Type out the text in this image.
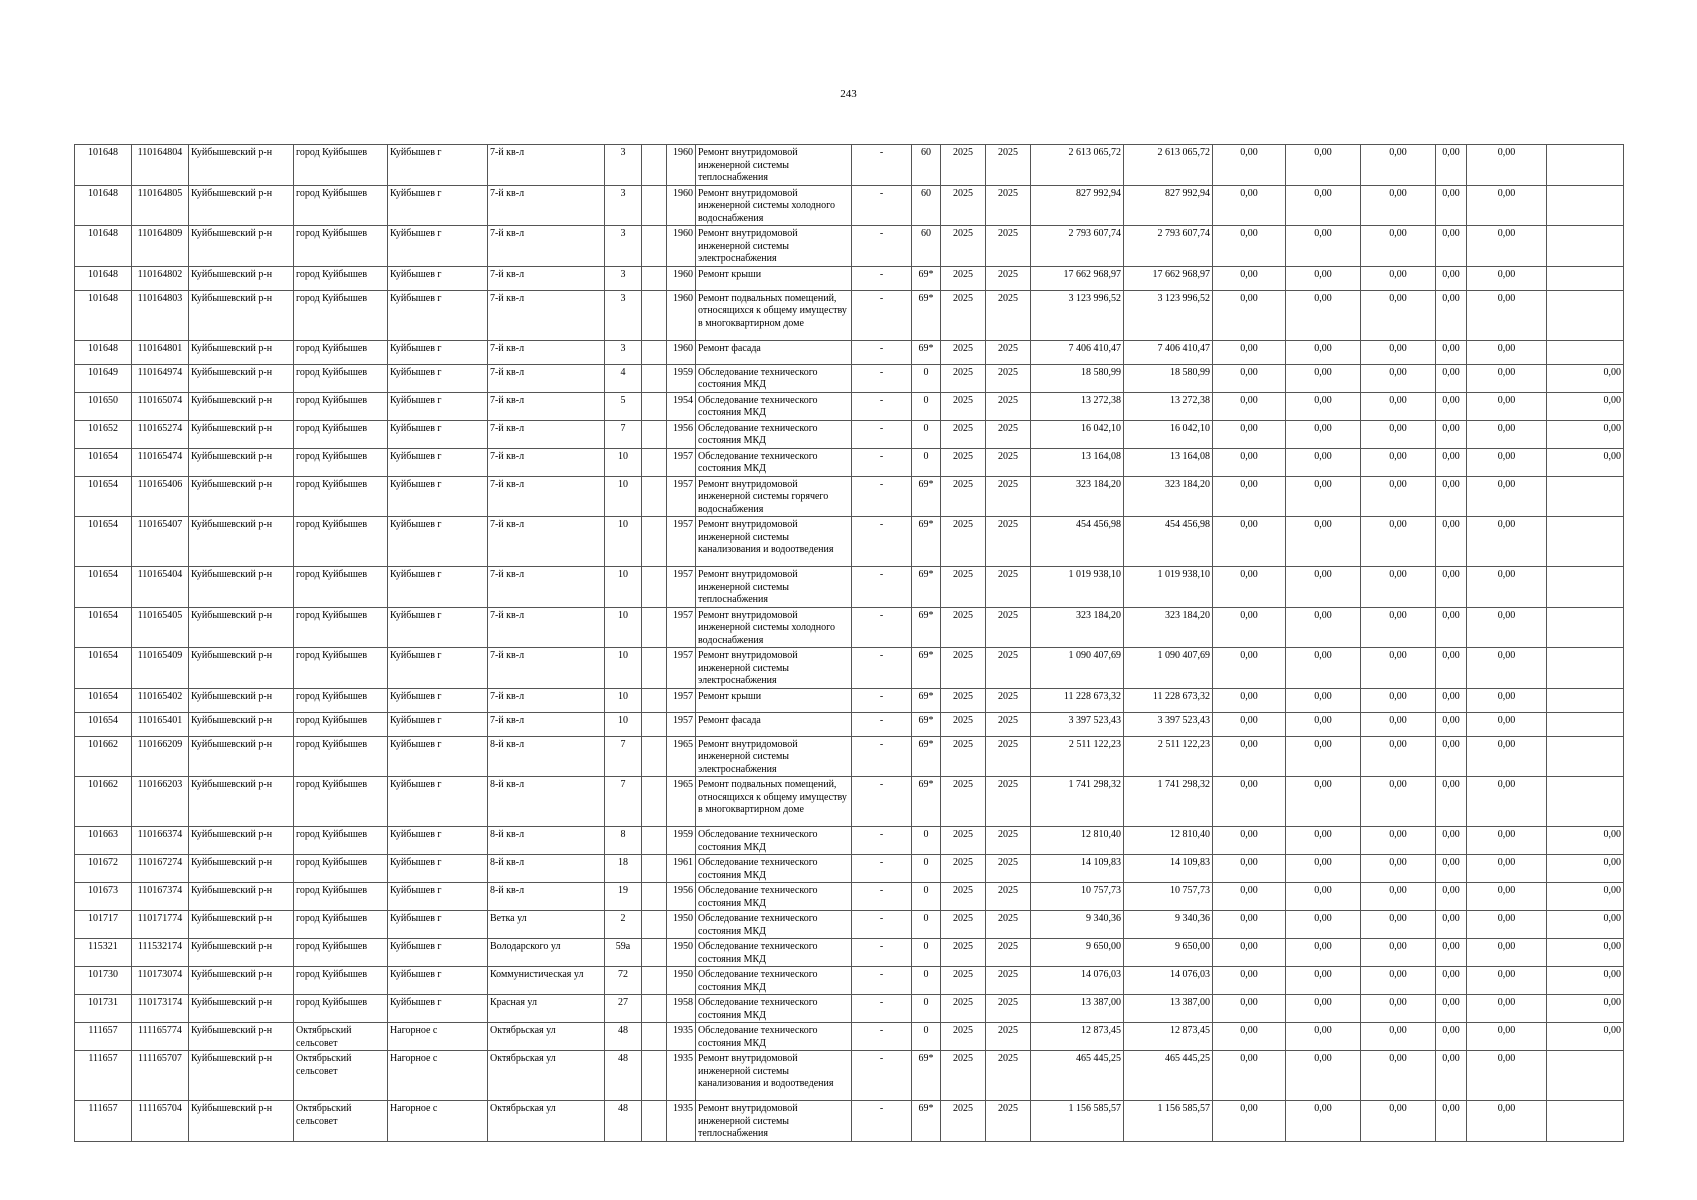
243
101648	110164804	Куйбышевский р-н	город Куйбышев	Куйбышев г	7-й кв-л	3		1960	Ремонт внутридомовой инженерной системы теплоснабжения	-	60	2025	2025	2 613 065,72	2 613 065,72	0,00	0,00	0,00	0,00	0,00	
101648	110164805	Куйбышевский р-н	город Куйбышев	Куйбышев г	7-й кв-л	3		1960	Ремонт внутридомовой инженерной системы холодного водоснабжения	-	60	2025	2025	827 992,94	827 992,94	0,00	0,00	0,00	0,00	0,00	
101648	110164809	Куйбышевский р-н	город Куйбышев	Куйбышев г	7-й кв-л	3		1960	Ремонт внутридомовой инженерной системы электроснабжения	-	60	2025	2025	2 793 607,74	2 793 607,74	0,00	0,00	0,00	0,00	0,00	
101648	110164802	Куйбышевский р-н	город Куйбышев	Куйбышев г	7-й кв-л	3		1960	Ремонт крыши	-	69*	2025	2025	17 662 968,97	17 662 968,97	0,00	0,00	0,00	0,00	0,00	
101648	110164803	Куйбышевский р-н	город Куйбышев	Куйбышев г	7-й кв-л	3		1960	Ремонт подвальных помещений, относящихся к общему имуществу в многоквартирном доме	-	69*	2025	2025	3 123 996,52	3 123 996,52	0,00	0,00	0,00	0,00	0,00	
101648	110164801	Куйбышевский р-н	город Куйбышев	Куйбышев г	7-й кв-л	3		1960	Ремонт фасада	-	69*	2025	2025	7 406 410,47	7 406 410,47	0,00	0,00	0,00	0,00	0,00	
101649	110164974	Куйбышевский р-н	город Куйбышев	Куйбышев г	7-й кв-л	4		1959	Обследование технического состояния МКД	-	0	2025	2025	18 580,99	18 580,99	0,00	0,00	0,00	0,00	0,00	0,00
101650	110165074	Куйбышевский р-н	город Куйбышев	Куйбышев г	7-й кв-л	5		1954	Обследование технического состояния МКД	-	0	2025	2025	13 272,38	13 272,38	0,00	0,00	0,00	0,00	0,00	0,00
101652	110165274	Куйбышевский р-н	город Куйбышев	Куйбышев г	7-й кв-л	7		1956	Обследование технического состояния МКД	-	0	2025	2025	16 042,10	16 042,10	0,00	0,00	0,00	0,00	0,00	0,00
101654	110165474	Куйбышевский р-н	город Куйбышев	Куйбышев г	7-й кв-л	10		1957	Обследование технического состояния МКД	-	0	2025	2025	13 164,08	13 164,08	0,00	0,00	0,00	0,00	0,00	0,00
101654	110165406	Куйбышевский р-н	город Куйбышев	Куйбышев г	7-й кв-л	10		1957	Ремонт внутридомовой инженерной системы горячего водоснабжения	-	69*	2025	2025	323 184,20	323 184,20	0,00	0,00	0,00	0,00	0,00	
101654	110165407	Куйбышевский р-н	город Куйбышев	Куйбышев г	7-й кв-л	10		1957	Ремонт внутридомовой инженерной системы канализования и водоотведения	-	69*	2025	2025	454 456,98	454 456,98	0,00	0,00	0,00	0,00	0,00	
101654	110165404	Куйбышевский р-н	город Куйбышев	Куйбышев г	7-й кв-л	10		1957	Ремонт внутридомовой инженерной системы теплоснабжения	-	69*	2025	2025	1 019 938,10	1 019 938,10	0,00	0,00	0,00	0,00	0,00	
101654	110165405	Куйбышевский р-н	город Куйбышев	Куйбышев г	7-й кв-л	10		1957	Ремонт внутридомовой инженерной системы холодного водоснабжения	-	69*	2025	2025	323 184,20	323 184,20	0,00	0,00	0,00	0,00	0,00	
101654	110165409	Куйбышевский р-н	город Куйбышев	Куйбышев г	7-й кв-л	10		1957	Ремонт внутридомовой инженерной системы электроснабжения	-	69*	2025	2025	1 090 407,69	1 090 407,69	0,00	0,00	0,00	0,00	0,00	
101654	110165402	Куйбышевский р-н	город Куйбышев	Куйбышев г	7-й кв-л	10		1957	Ремонт крыши	-	69*	2025	2025	11 228 673,32	11 228 673,32	0,00	0,00	0,00	0,00	0,00	
101654	110165401	Куйбышевский р-н	город Куйбышев	Куйбышев г	7-й кв-л	10		1957	Ремонт фасада	-	69*	2025	2025	3 397 523,43	3 397 523,43	0,00	0,00	0,00	0,00	0,00	
101662	110166209	Куйбышевский р-н	город Куйбышев	Куйбышев г	8-й кв-л	7		1965	Ремонт внутридомовой инженерной системы электроснабжения	-	69*	2025	2025	2 511 122,23	2 511 122,23	0,00	0,00	0,00	0,00	0,00	
101662	110166203	Куйбышевский р-н	город Куйбышев	Куйбышев г	8-й кв-л	7		1965	Ремонт подвальных помещений, относящихся к общему имуществу в многоквартирном доме	-	69*	2025	2025	1 741 298,32	1 741 298,32	0,00	0,00	0,00	0,00	0,00	
101663	110166374	Куйбышевский р-н	город Куйбышев	Куйбышев г	8-й кв-л	8		1959	Обследование технического состояния МКД	-	0	2025	2025	12 810,40	12 810,40	0,00	0,00	0,00	0,00	0,00	0,00
101672	110167274	Куйбышевский р-н	город Куйбышев	Куйбышев г	8-й кв-л	18		1961	Обследование технического состояния МКД	-	0	2025	2025	14 109,83	14 109,83	0,00	0,00	0,00	0,00	0,00	0,00
101673	110167374	Куйбышевский р-н	город Куйбышев	Куйбышев г	8-й кв-л	19		1956	Обследование технического состояния МКД	-	0	2025	2025	10 757,73	10 757,73	0,00	0,00	0,00	0,00	0,00	0,00
101717	110171774	Куйбышевский р-н	город Куйбышев	Куйбышев г	Ветка ул	2		1950	Обследование технического состояния МКД	-	0	2025	2025	9 340,36	9 340,36	0,00	0,00	0,00	0,00	0,00	0,00
115321	111532174	Куйбышевский р-н	город Куйбышев	Куйбышев г	Володарского ул	59а		1950	Обследование технического состояния МКД	-	0	2025	2025	9 650,00	9 650,00	0,00	0,00	0,00	0,00	0,00	0,00
101730	110173074	Куйбышевский р-н	город Куйбышев	Куйбышев г	Коммунистическая ул	72		1950	Обследование технического состояния МКД	-	0	2025	2025	14 076,03	14 076,03	0,00	0,00	0,00	0,00	0,00	0,00
101731	110173174	Куйбышевский р-н	город Куйбышев	Куйбышев г	Красная ул	27		1958	Обследование технического состояния МКД	-	0	2025	2025	13 387,00	13 387,00	0,00	0,00	0,00	0,00	0,00	0,00
111657	111165774	Куйбышевский р-н	Октябрьский сельсовет	Нагорное с	Октябрьская ул	48		1935	Обследование технического состояния МКД	-	0	2025	2025	12 873,45	12 873,45	0,00	0,00	0,00	0,00	0,00	0,00
111657	111165707	Куйбышевский р-н	Октябрьский сельсовет	Нагорное с	Октябрьская ул	48		1935	Ремонт внутридомовой инженерной системы канализования и водоотведения	-	69*	2025	2025	465 445,25	465 445,25	0,00	0,00	0,00	0,00	0,00	
111657	111165704	Куйбышевский р-н	Октябрьский сельсовет	Нагорное с	Октябрьская ул	48		1935	Ремонт внутридомовой инженерной системы теплоснабжения	-	69*	2025	2025	1 156 585,57	1 156 585,57	0,00	0,00	0,00	0,00	0,00	
